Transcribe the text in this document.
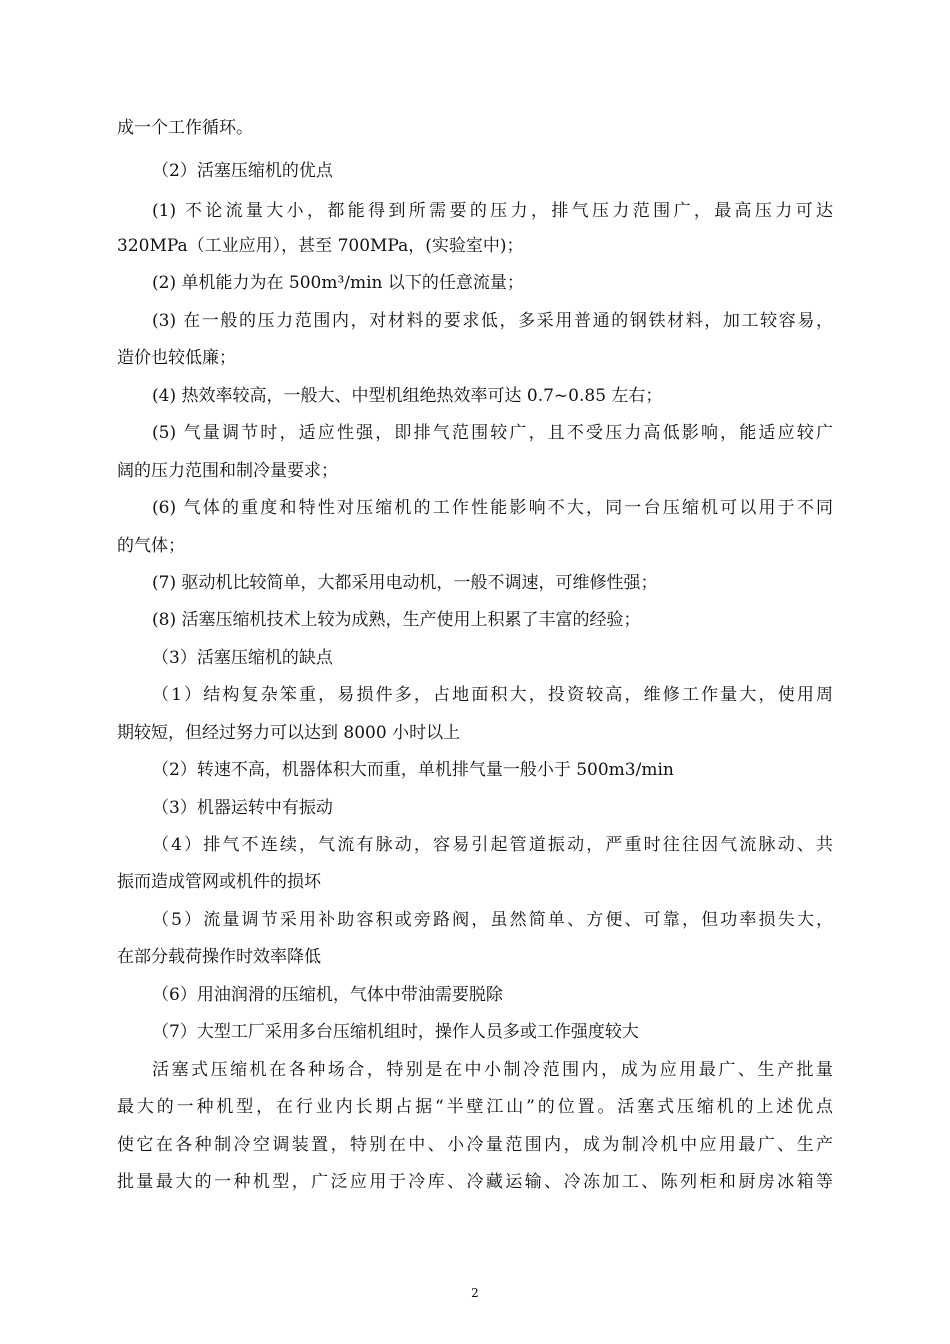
成一个工作循环。
（2）活塞压缩机的优点
(1) 不论流量大小，都能得到所需要的压力，排气压力范围广，最高压力可达
320MPa（工业应用），甚至 700MPa，(实验室中)；
(2) 单机能力为在 500m³/min 以下的任意流量；
(3) 在一般的压力范围内，对材料的要求低，多采用普通的钢铁材料，加工较容易，
造价也较低廉；
(4) 热效率较高，一般大、中型机组绝热效率可达 0.7~0.85 左右；
(5) 气量调节时，适应性强，即排气范围较广，且不受压力高低影响，能适应较广
阔的压力范围和制冷量要求；
(6) 气体的重度和特性对压缩机的工作性能影响不大，同一台压缩机可以用于不同
的气体；
(7) 驱动机比较简单，大都采用电动机，一般不调速，可维修性强；
(8) 活塞压缩机技术上较为成熟，生产使用上积累了丰富的经验；
（3）活塞压缩机的缺点
（1）结构复杂笨重，易损件多，占地面积大，投资较高，维修工作量大，使用周
期较短，但经过努力可以达到 8000 小时以上
（2）转速不高，机器体积大而重，单机排气量一般小于 500m3/min
（3）机器运转中有振动
（4）排气不连续，气流有脉动，容易引起管道振动，严重时往往因气流脉动、共
振而造成管网或机件的损坏
（5）流量调节采用补助容积或旁路阀，虽然简单、方便、可靠，但功率损失大，
在部分载荷操作时效率降低
（6）用油润滑的压缩机，气体中带油需要脱除
（7）大型工厂采用多台压缩机组时，操作人员多或工作强度较大
活塞式压缩机在各种场合，特别是在中小制冷范围内，成为应用最广、生产批量
最大的一种机型，在行业内长期占据“半壁江山”的位置。活塞式压缩机的上述优点
使它在各种制冷空调装置，特别在中、小冷量范围内，成为制冷机中应用最广、生产
批量最大的一种机型，广泛应用于冷库、冷藏运输、冷冻加工、陈列柜和厨房冰箱等
2
